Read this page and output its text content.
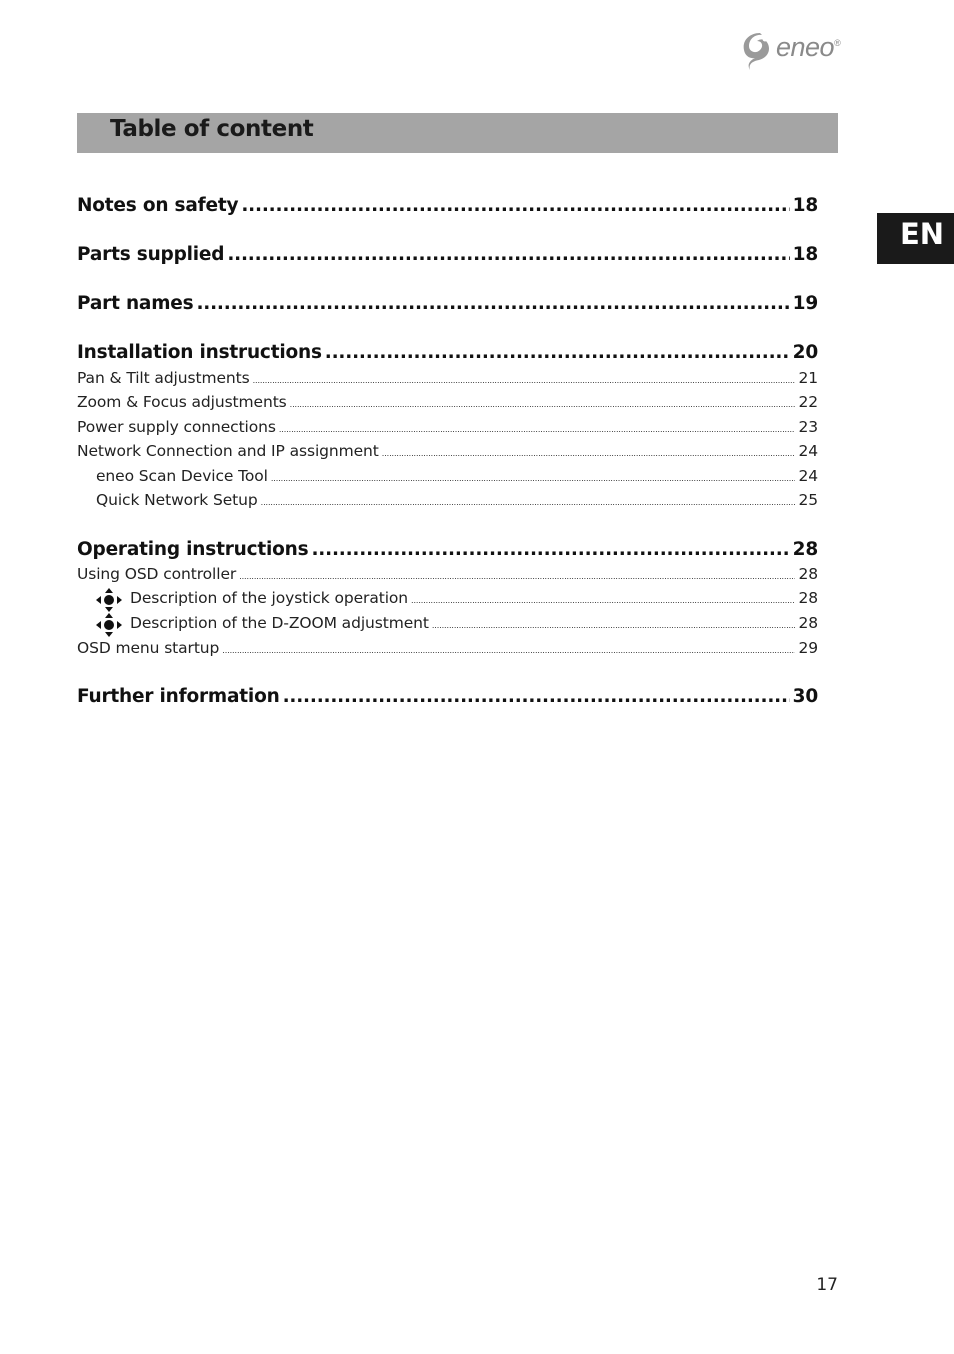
eneo®
Table of content
EN
Notes on safety .....	18
Parts supplied .....	18
Part names .....	19
Installation instructions .....	20
Pan & Tilt adjustments .....	21
Zoom & Focus adjustments .....	22
Power supply connections .....	23
Network Connection and IP assignment .....	24
eneo Scan Device Tool .....	24
Quick Network Setup .....	25
Operating instructions .....	28
Using OSD controller .....	28
Description of the joystick operation .....	28
Description of the D-ZOOM adjustment .....	28
OSD menu startup .....	29
Further information .....	30
17
